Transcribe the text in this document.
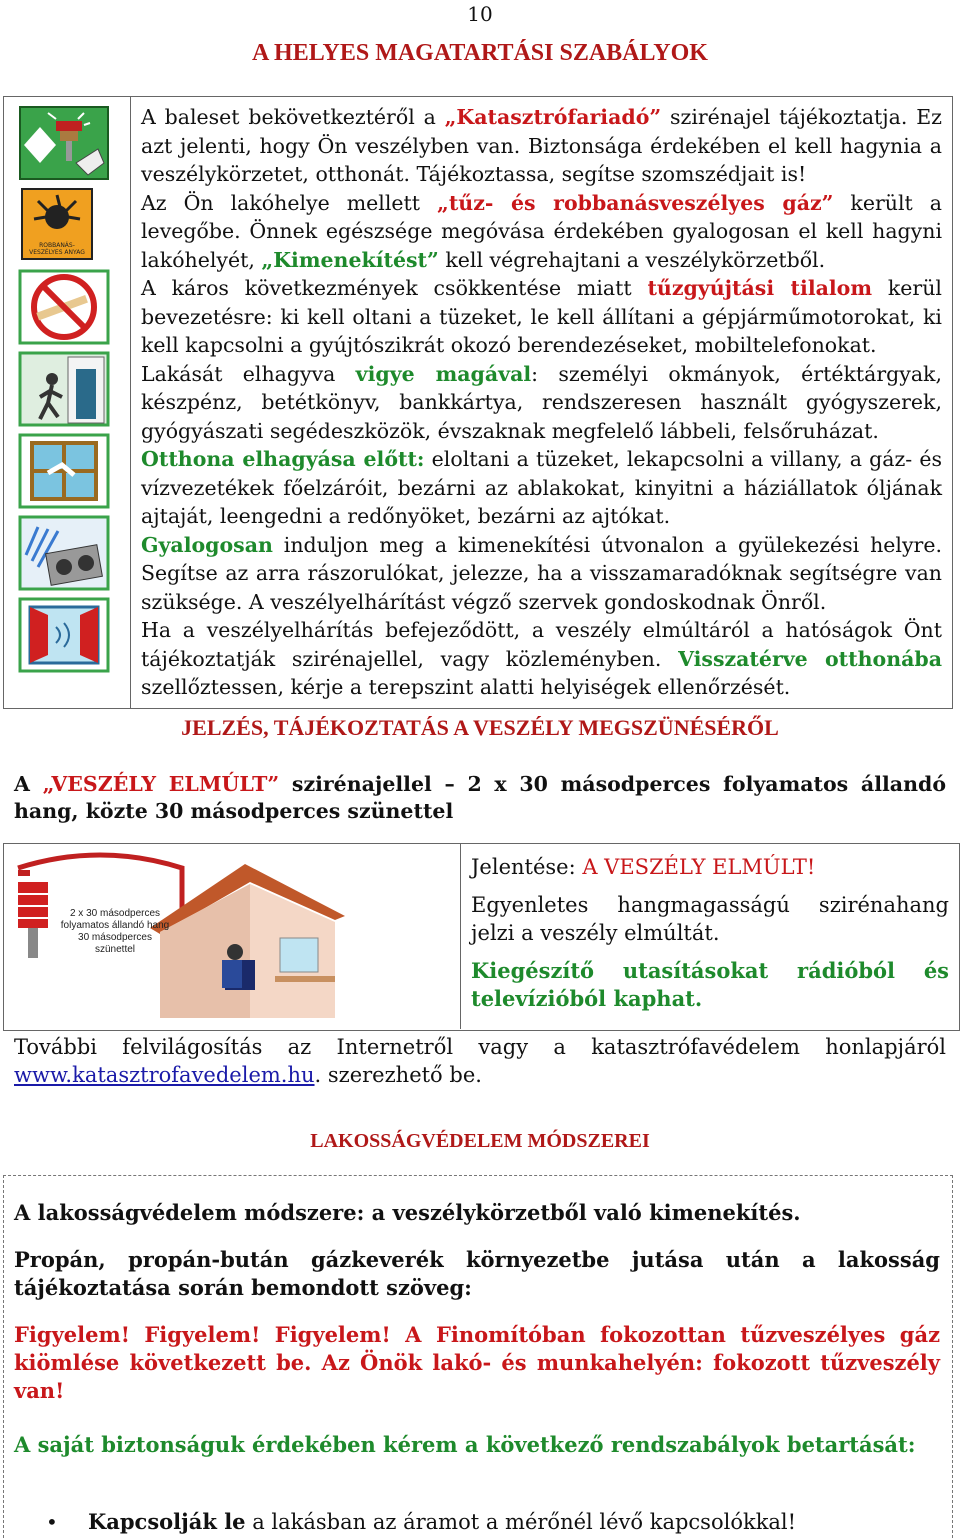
10
A HELYES MAGATARTÁSI SZABÁLYOK
ROBBANÁS-
VESZÉLYES ANYAG

A baleset bekövetkeztéről a „Katasztrófariadó” szirénajel tájékoztatja. Ez azt jelenti, hogy Ön veszélyben van. Biztonsága érdekében el kell hagynia a veszélykörzetet, otthonát. Tájékoztassa, segítse szomszédjait is!
Az Ön lakóhelye mellett „tűz- és robbanásveszélyes gáz” került a levegőbe. Önnek egészsége megóvása érdekében gyalogosan el kell hagyni lakóhelyét, „Kimenekítést” kell végrehajtani a veszélykörzetből.
A káros következmények csökkentése miatt tűzgyújtási tilalom kerül bevezetésre: ki kell oltani a tüzeket, le kell állítani a gépjárműmotorokat, ki kell kapcsolni a gyújtószikrát okozó berendezéseket, mobiltelefonokat.
Lakását elhagyva vigye magával: személyi okmányok, értéktárgyak, készpénz, betétkönyv, bankkártya, rendszeresen használt gyógyszerek, gyógyászati segédeszközök, évszaknak megfelelő lábbeli, felsőruházat.
Otthona elhagyása előtt: eloltani a tüzeket, lekapcsolni a villany, a gáz- és vízvezetékek főelzáróit, bezárni az ablakokat, kinyitni a háziállatok óljának ajtaját, leengedni a redőnyöket, bezárni az ajtókat.
Gyalogosan induljon meg a kimenekítési útvonalon a gyülekezési helyre. Segítse az arra rászorulókat, jelezze, ha a visszamaradóknak segítségre van szüksége. A veszélyelhárítást végző szervek gondoskodnak Önről.
Ha a veszélyelhárítás befejeződött, a veszély elmúltáról a hatóságok Önt tájékoztatják szirénajellel, vagy közleményben. Visszatérve otthonába szellőztessen, kérje a terepszint alatti helyiségek ellenőrzését.
JELZÉS, TÁJÉKOZTATÁS A VESZÉLY MEGSZÜNÉSÉRŐL
A „VESZÉLY ELMÚLT” szirénajellel – 2 x 30 másodperces folyamatos állandó hang, közte 30 másodperces szünettel
2 x 30 másodperces
folyamatos állandó hang
30 másodperces szünettel
Jelentése: A VESZÉLY ELMÚLT!
Egyenletes hangmagasságú szirénahang jelzi a veszély elmúltát.
Kiegészítő utasításokat rádióból és televízióból kaphat.
További felvilágosítás az Internetről vagy a katasztrófavédelem honlapjáról www.katasztrofavedelem.hu. szerezhető be.
LAKOSSÁGVÉDELEM MÓDSZEREI
A lakosságvédelem módszere: a veszélykörzetből való kimenekítés.
Propán, propán-bután gázkeverék környezetbe jutása után a lakosság tájékoztatása során bemondott szöveg:
Figyelem! Figyelem! Figyelem! A Finomítóban fokozottan tűzveszélyes gáz kiömlése következett be. Az Önök lakó- és munkahelyén: fokozott tűzveszély van!
A saját biztonságuk érdekében kérem a következő rendszabályok betartását:
• Kapcsolják le a lakásban az áramot a mérőnél lévő kapcsolókkal!
